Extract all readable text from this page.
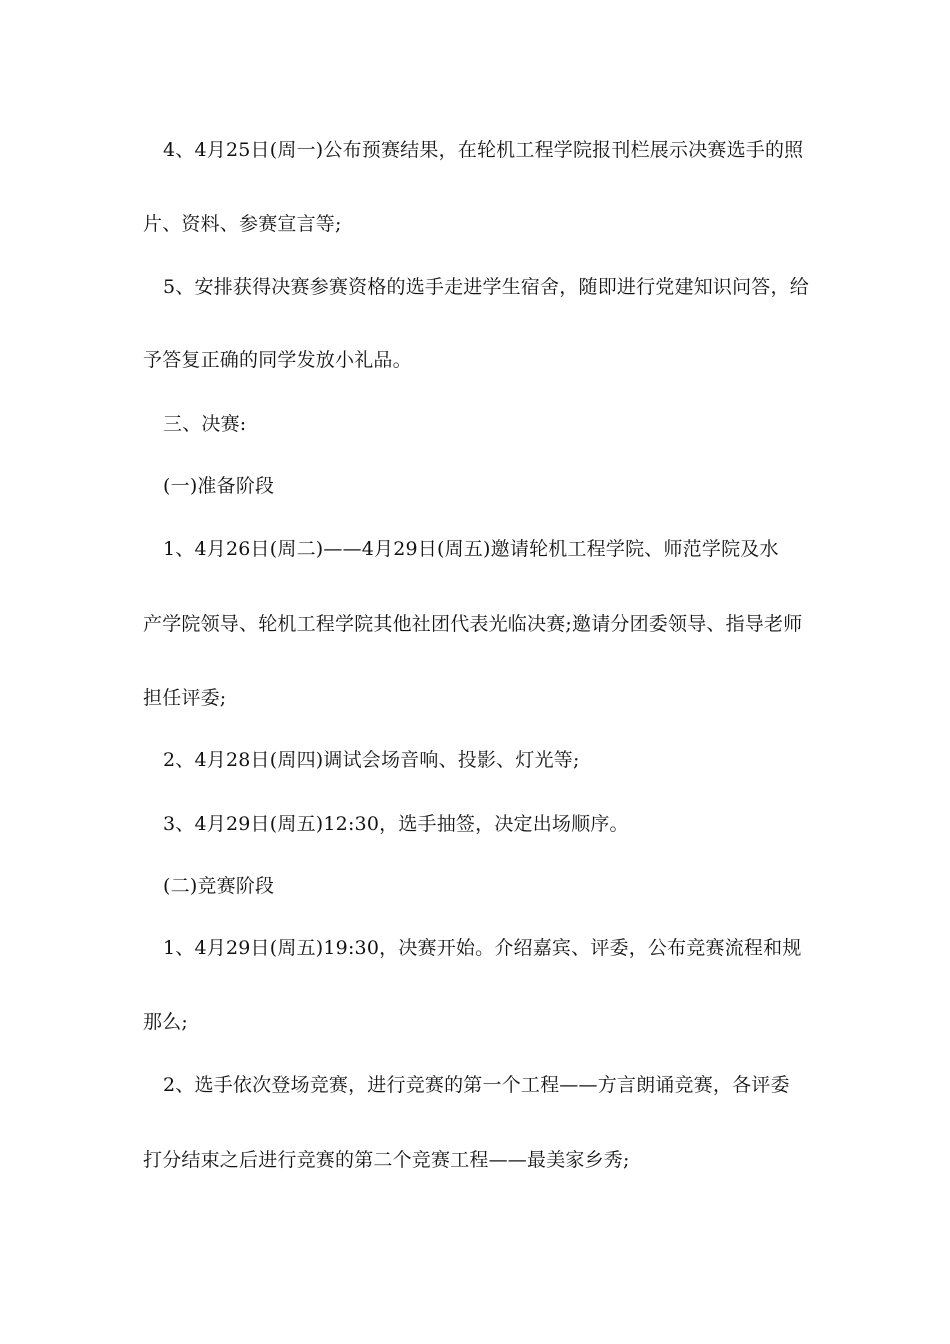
4、4月25日(周一)公布预赛结果，在轮机工程学院报刊栏展示决赛选手的照
片、资料、参赛宣言等;
5、安排获得决赛参赛资格的选手走进学生宿舍，随即进行党建知识问答，给
予答复正确的同学发放小礼品。
三、决赛:
(一)准备阶段
1、4月26日(周二)——4月29日(周五)邀请轮机工程学院、师范学院及水
产学院领导、轮机工程学院其他社团代表光临决赛;邀请分团委领导、指导老师
担任评委;
2、4月28日(周四)调试会场音响、投影、灯光等;
3、4月29日(周五)12:30，选手抽签，决定出场顺序。
(二)竞赛阶段
1、4月29日(周五)19:30，决赛开始。介绍嘉宾、评委，公布竞赛流程和规
那么;
2、选手依次登场竞赛，进行竞赛的第一个工程——方言朗诵竞赛，各评委
打分结束之后进行竞赛的第二个竞赛工程——最美家乡秀;
